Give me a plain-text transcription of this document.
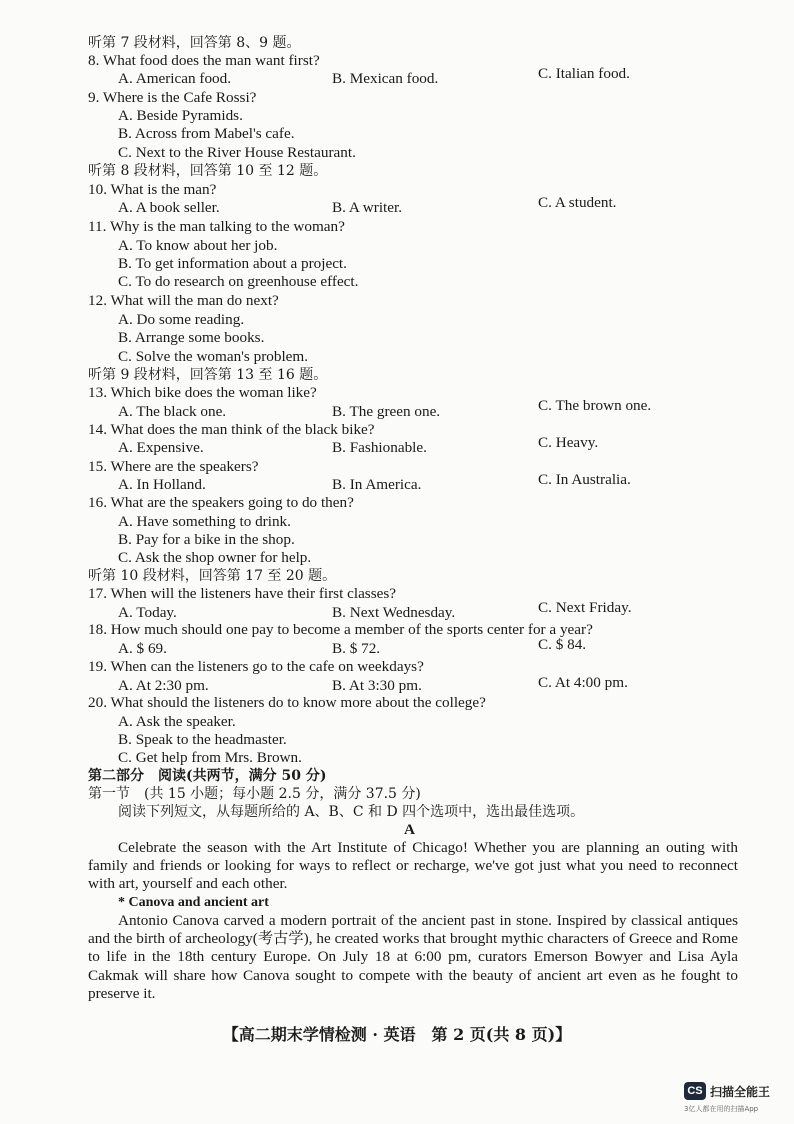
听第 7 段材料，回答第 8、9 题。
8. What food does the man want first?
A. American food.	B. Mexican food.	C. Italian food.
9. Where is the Cafe Rossi?
A. Beside Pyramids.
B. Across from Mabel's cafe.
C. Next to the River House Restaurant.
听第 8 段材料，回答第 10 至 12 题。
10. What is the man?
A. A book seller.	B. A writer.	C. A student.
11. Why is the man talking to the woman?
A. To know about her job.
B. To get information about a project.
C. To do research on greenhouse effect.
12. What will the man do next?
A. Do some reading.
B. Arrange some books.
C. Solve the woman's problem.
听第 9 段材料，回答第 13 至 16 题。
13. Which bike does the woman like?
A. The black one.	B. The green one.	C. The brown one.
14. What does the man think of the black bike?
A. Expensive.	B. Fashionable.	C. Heavy.
15. Where are the speakers?
A. In Holland.	B. In America.	C. In Australia.
16. What are the speakers going to do then?
A. Have something to drink.
B. Pay for a bike in the shop.
C. Ask the shop owner for help.
听第 10 段材料，回答第 17 至 20 题。
17. When will the listeners have their first classes?
A. Today.	B. Next Wednesday.	C. Next Friday.
18. How much should one pay to become a member of the sports center for a year?
A. $ 69.	B. $ 72.	C. $ 84.
19. When can the listeners go to the cafe on weekdays?
A. At 2:30 pm.	B. At 3:30 pm.	C. At 4:00 pm.
20. What should the listeners do to know more about the college?
A. Ask the speaker.
B. Speak to the headmaster.
C. Get help from Mrs. Brown.
第二部分　阅读(共两节，满分 50 分)
第一节　(共 15 小题；每小题 2.5 分，满分 37.5 分)
阅读下列短文，从每题所给的 A、B、C 和 D 四个选项中，选出最佳选项。
A
Celebrate the season with the Art Institute of Chicago! Whether you are planning an outing with family and friends or looking for ways to reflect or recharge, we've got just what you need to reconnect with art, yourself and each other.
* Canova and ancient art
Antonio Canova carved a modern portrait of the ancient past in stone. Inspired by classical antiques and the birth of archeology(考古学), he created works that brought mythic characters of Greece and Rome to life in the 18th century Europe. On July 18 at 6:00 pm, curators Emerson Bowyer and Lisa Ayla Cakmak will share how Canova sought to compete with the beauty of ancient art even as he fought to preserve it.
【高二期末学情检测 · 英语　第 2 页(共 8 页)】
CS 扫描全能王
3亿人都在用的扫描App
